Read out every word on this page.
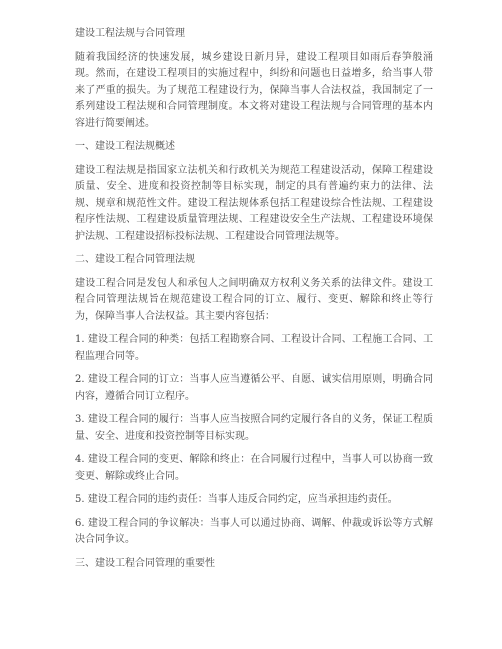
建设工程法规与合同管理

随着我国经济的快速发展，城乡建设日新月异，建设工程项目如雨后春笋般涌现。然而，在建设工程项目的实施过程中，纠纷和问题也日益增多，给当事人带来了严重的损失。为了规范工程建设行为，保障当事人合法权益，我国制定了一系列建设工程法规和合同管理制度。本文将对建设工程法规与合同管理的基本内容进行简要阐述。

一、建设工程法规概述

建设工程法规是指国家立法机关和行政机关为规范工程建设活动，保障工程建设质量、安全、进度和投资控制等目标实现，制定的具有普遍约束力的法律、法规、规章和规范性文件。建设工程法规体系包括工程建设综合性法规、工程建设程序性法规、工程建设质量管理法规、工程建设安全生产法规、工程建设环境保护法规、工程建设招标投标法规、工程建设合同管理法规等。

二、建设工程合同管理法规

建设工程合同是发包人和承包人之间明确双方权利义务关系的法律文件。建设工程合同管理法规旨在规范建设工程合同的订立、履行、变更、解除和终止等行为，保障当事人合法权益。其主要内容包括：

1. 建设工程合同的种类：包括工程勘察合同、工程设计合同、工程施工合同、工程监理合同等。

2. 建设工程合同的订立：当事人应当遵循公平、自愿、诚实信用原则，明确合同内容，遵循合同订立程序。

3. 建设工程合同的履行：当事人应当按照合同约定履行各自的义务，保证工程质量、安全、进度和投资控制等目标实现。

4. 建设工程合同的变更、解除和终止：在合同履行过程中，当事人可以协商一致变更、解除或终止合同。

5. 建设工程合同的违约责任：当事人违反合同约定，应当承担违约责任。

6. 建设工程合同的争议解决：当事人可以通过协商、调解、仲裁或诉讼等方式解决合同争议。

三、建设工程合同管理的重要性
